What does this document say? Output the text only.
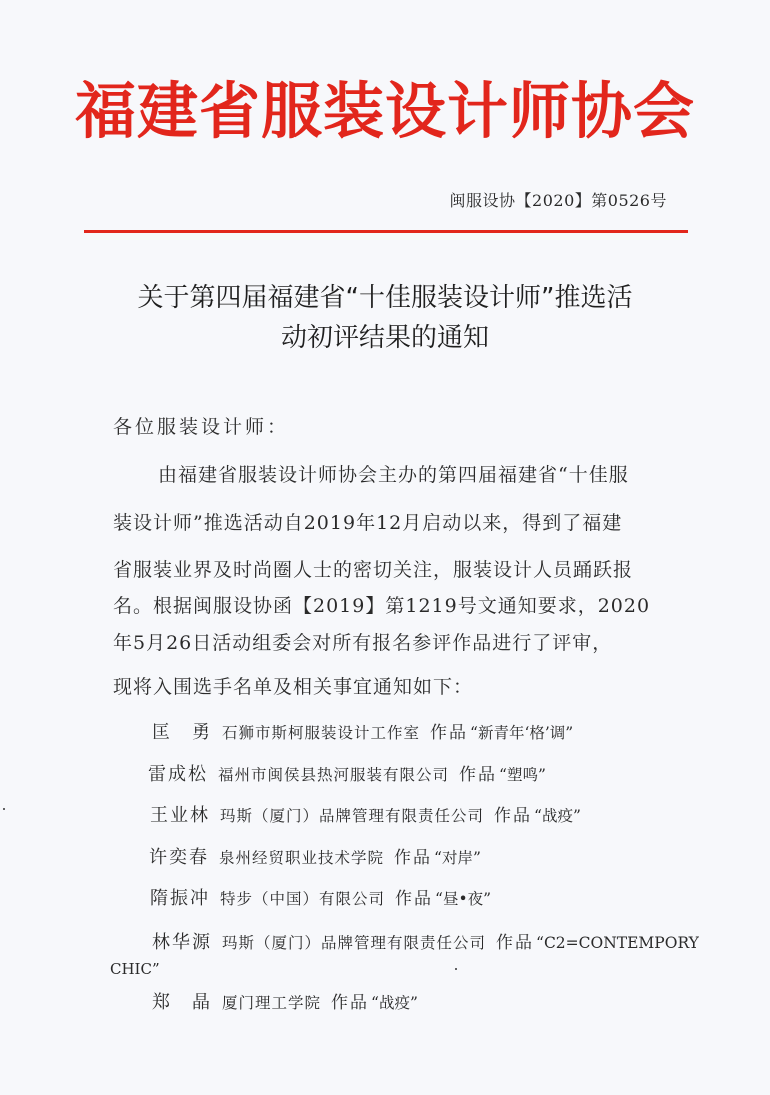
福建省服装设计师协会
闽服设协【2020】第0526号
关于第四届福建省“十佳服装设计师”推选活
动初评结果的通知
各位服装设计师：
由福建省服装设计师协会主办的第四届福建省“十佳服
装设计师”推选活动自2019年12月启动以来，得到了福建
省服装业界及时尚圈人士的密切关注，服装设计人员踊跃报
名。根据闽服设协函【2019】第1219号文通知要求，2020
年5月26日活动组委会对所有报名参评作品进行了评审，
现将入围选手名单及相关事宜通知如下：
匡　勇 石狮市斯柯服装设计工作室 作品 “新青年‘格’调”
雷成松 福州市闽侯县热河服装有限公司 作品 “塑鸣”
王业林 玛斯（厦门）品牌管理有限责任公司 作品 “战疫”
许奕春 泉州经贸职业技术学院 作品 “对岸”
隋振冲 特步（中国）有限公司 作品 “昼•夜”
林华源 玛斯（厦门）品牌管理有限责任公司 作品 “C2=CONTEMPORY
CHIC”
郑　晶 厦门理工学院 作品 “战疫”
